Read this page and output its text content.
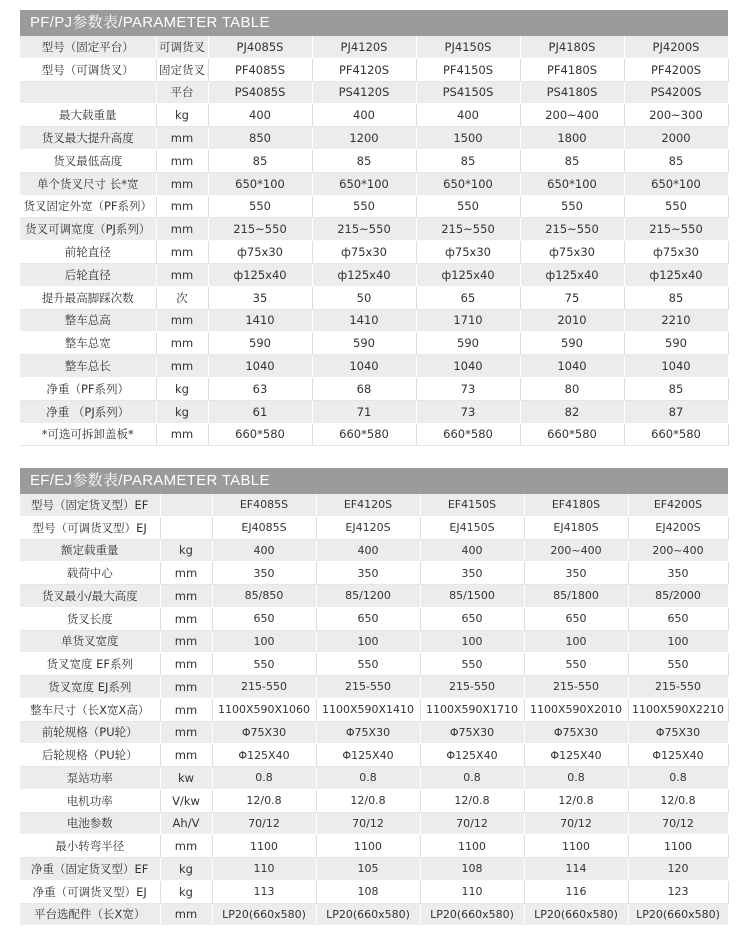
PF/PJ参数表/PARAMETER TABLE
型号（固定平台）	可调货叉	PJ4085S	PJ4120S	PJ4150S	PJ4180S	PJ4200S
型号（可调货叉）	固定货叉	PF4085S	PF4120S	PF4150S	PF4180S	PF4200S
	平台	PS4085S	PS4120S	PS4150S	PS4180S	PS4200S
最大载重量	kg	400	400	400	200~400	200~300
货叉最大提升高度	mm	850	1200	1500	1800	2000
货叉最低高度	mm	85	85	85	85	85
单个货叉尺寸 长*宽	mm	650*100	650*100	650*100	650*100	650*100
货叉固定外宽（PF系列）	mm	550	550	550	550	550
货叉可调宽度（PJ系列）	mm	215~550	215~550	215~550	215~550	215~550
前轮直径	mm	ф75x30	ф75x30	ф75x30	ф75x30	ф75x30
后轮直径	mm	ф125x40	ф125x40	ф125x40	ф125x40	ф125x40
提升最高脚踩次数	次	35	50	65	75	85
整车总高	mm	1410	1410	1710	2010	2210
整车总宽	mm	590	590	590	590	590
整车总长	mm	1040	1040	1040	1040	1040
净重（PF系列）	kg	63	68	73	80	85
净重 （PJ系列）	kg	61	71	73	82	87
*可选可拆卸盖板*	mm	660*580	660*580	660*580	660*580	660*580
EF/EJ参数表/PARAMETER TABLE
型号（固定货叉型）EF		EF4085S	EF4120S	EF4150S	EF4180S	EF4200S
型号（可调货叉型）EJ		EJ4085S	EJ4120S	EJ4150S	EJ4180S	EJ4200S
额定载重量	kg	400	400	400	200~400	200~400
载荷中心	mm	350	350	350	350	350
货叉最小/最大高度	mm	85/850	85/1200	85/1500	85/1800	85/2000
货叉长度	mm	650	650	650	650	650
单货叉宽度	mm	100	100	100	100	100
货叉宽度 EF系列	mm	550	550	550	550	550
货叉宽度 EJ系列	mm	215-550	215-550	215-550	215-550	215-550
整车尺寸（长X宽X高）	mm	1100X590X1060	1100X590X1410	1100X590X1710	1100X590X2010	1100X590X2210
前轮规格（PU轮）	mm	Φ75X30	Φ75X30	Φ75X30	Φ75X30	Φ75X30
后轮规格（PU轮）	mm	Φ125X40	Φ125X40	Φ125X40	Φ125X40	Φ125X40
泵站功率	kw	0.8	0.8	0.8	0.8	0.8
电机功率	V/kw	12/0.8	12/0.8	12/0.8	12/0.8	12/0.8
电池参数	Ah/V	70/12	70/12	70/12	70/12	70/12
最小转弯半径	mm	1100	1100	1100	1100	1100
净重（固定货叉型）EF	kg	110	105	108	114	120
净重（可调货叉型）EJ	kg	113	108	110	116	123
平台选配件（长X宽）	mm	LP20(660x580)	LP20(660x580)	LP20(660x580)	LP20(660x580)	LP20(660x580)
